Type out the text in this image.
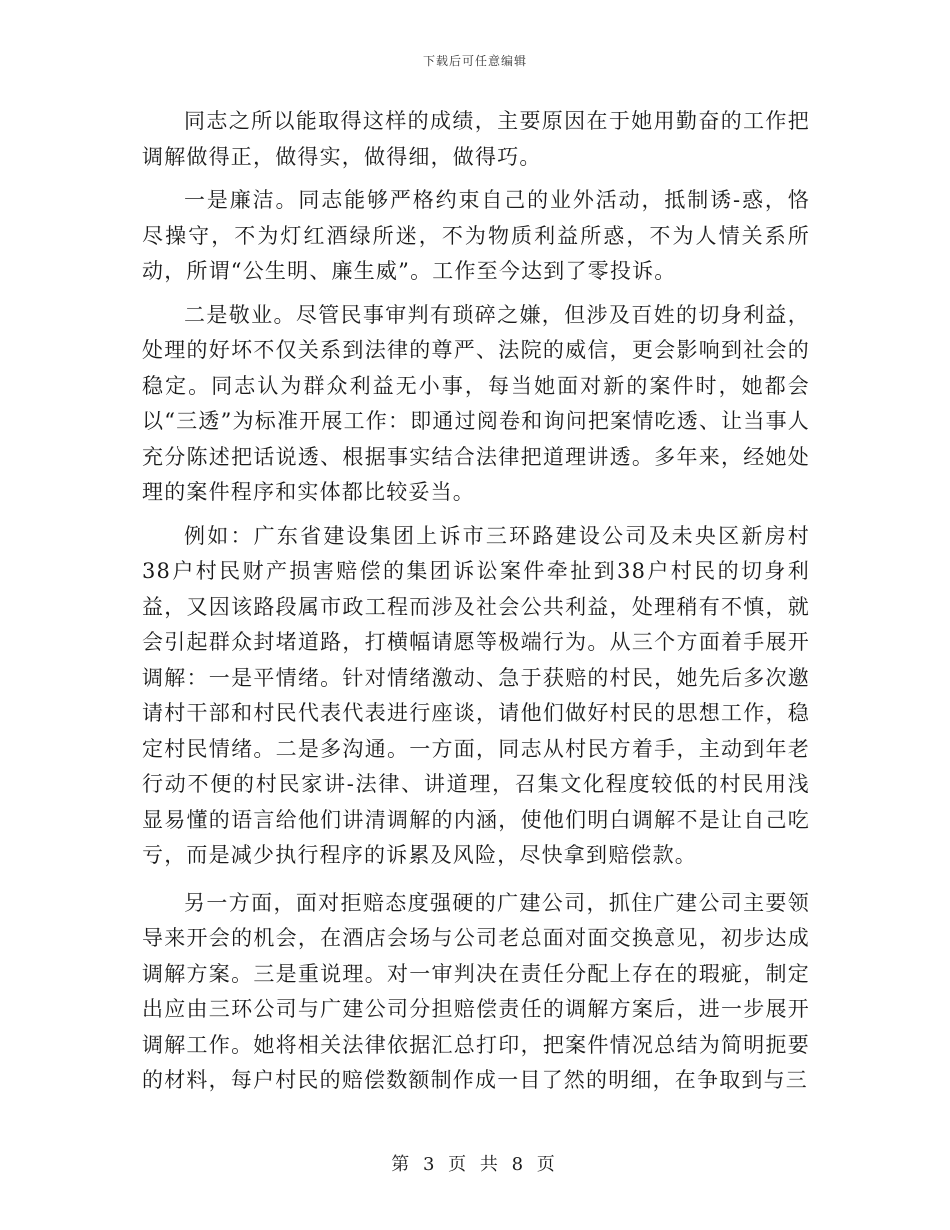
下载后可任意编辑

同志之所以能取得这样的成绩，主要原因在于她用勤奋的工作把调解做得正，做得实，做得细，做得巧。

一是廉洁。同志能够严格约束自己的业外活动，抵制诱-惑，恪尽操守，不为灯红酒绿所迷，不为物质利益所惑，不为人情关系所动，所谓“公生明、廉生威”。工作至今达到了零投诉。

二是敬业。尽管民事审判有琐碎之嫌，但涉及百姓的切身利益，处理的好坏不仅关系到法律的尊严、法院的威信，更会影响到社会的稳定。同志认为群众利益无小事，每当她面对新的案件时，她都会以“三透”为标准开展工作：即通过阅卷和询问把案情吃透、让当事人充分陈述把话说透、根据事实结合法律把道理讲透。多年来，经她处理的案件程序和实体都比较妥当。

例如：广东省建设集团上诉市三环路建设公司及未央区新房村38户村民财产损害赔偿的集团诉讼案件牵扯到38户村民的切身利益，又因该路段属市政工程而涉及社会公共利益，处理稍有不慎，就会引起群众封堵道路，打横幅请愿等极端行为。从三个方面着手展开调解：一是平情绪。针对情绪激动、急于获赔的村民，她先后多次邀请村干部和村民代表代表进行座谈，请他们做好村民的思想工作，稳定村民情绪。二是多沟通。一方面，同志从村民方着手，主动到年老行动不便的村民家讲-法律、讲道理，召集文化程度较低的村民用浅显易懂的语言给他们讲清调解的内涵，使他们明白调解不是让自己吃亏，而是减少执行程序的诉累及风险，尽快拿到赔偿款。

另一方面，面对拒赔态度强硬的广建公司，抓住广建公司主要领导来开会的机会，在酒店会场与公司老总面对面交换意见，初步达成调解方案。三是重说理。对一审判决在责任分配上存在的瑕疵，制定出应由三环公司与广建公司分担赔偿责任的调解方案后，进一步展开调解工作。她将相关法律依据汇总打印，把案件情况总结为简明扼要的材料，每户村民的赔偿数额制作成一目了然的明细，在争取到与三

第 3 页 共 8 页
